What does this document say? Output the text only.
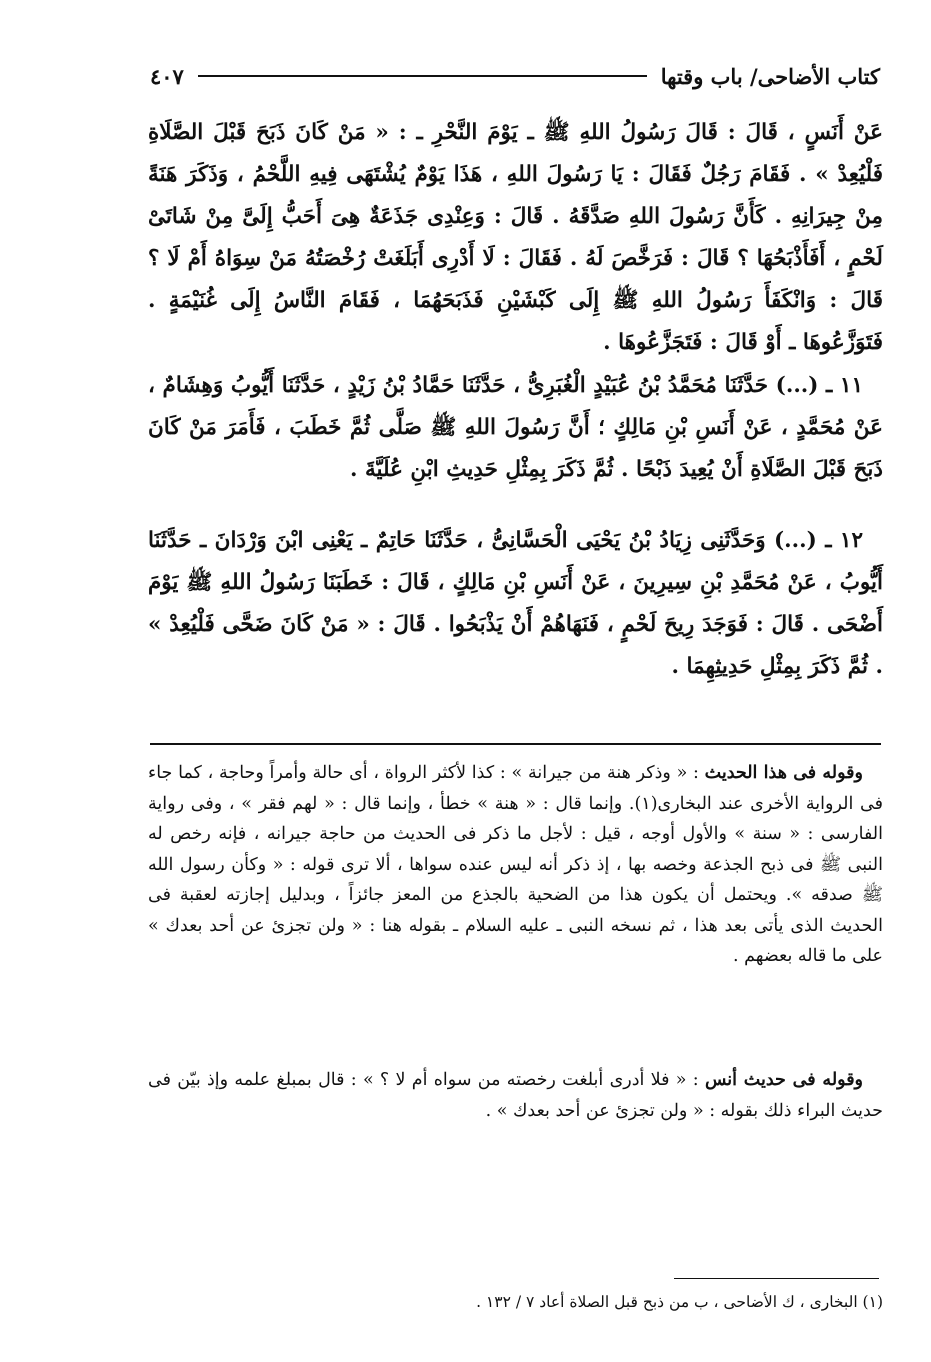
كتاب الأضاحى/ باب وقتها
٤٠٧

عَنْ أَنَسٍ ، قَالَ : قَالَ رَسُولُ اللهِ ﷺ ـ يَوْمَ النَّحْرِ ـ : « مَنْ كَانَ ذَبَحَ قَبْلَ الصَّلَاةِ فَلْيُعِدْ » . فَقَامَ رَجُلٌ فَقَالَ : يَا رَسُولَ اللهِ ، هَذَا يَوْمٌ يُشْتَهَى فِيهِ اللَّحْمُ ، وَذَكَرَ هَنَةً مِنْ جِيرَانِهِ . كَأَنَّ رَسُولَ اللهِ صَدَّقَهُ . قَالَ : وَعِنْدِى جَذَعَةٌ هِىَ أَحَبُّ إِلَىَّ مِنْ شَاتَىْ لَحْمٍ ، أَفَأَذْبَحُهَا ؟ قَالَ : فَرَخَّصَ لَهُ . فَقَالَ : لَا أَدْرِى أَبَلَغَتْ رُخْصَتُهُ مَنْ سِوَاهُ أَمْ لَا ؟ قَالَ : وَانْكَفَأَ رَسُولُ اللهِ ﷺ إِلَى كَبْشَيْنِ فَذَبَحَهُمَا ، فَقَامَ النَّاسُ إِلَى غُنَيْمَةٍ . فَتَوَزَّعُوهَا ـ أَوْ قَالَ : فَتَجَزَّعُوهَا .

١١ ـ (...) حَدَّثَنَا مُحَمَّدُ بْنُ عُبَيْدٍ الْغُبَرِىُّ ، حَدَّثَنَا حَمَّادُ بْنُ زَيْدٍ ، حَدَّثَنَا أَيُّوبُ وَهِشَامٌ ، عَنْ مُحَمَّدٍ ، عَنْ أَنَسِ بْنِ مَالِكٍ ؛ أَنَّ رَسُولَ اللهِ ﷺ صَلَّى ثُمَّ خَطَبَ ، فَأَمَرَ مَنْ كَانَ ذَبَحَ قَبْلَ الصَّلَاةِ أَنْ يُعِيدَ ذَبْحًا . ثُمَّ ذَكَرَ بِمِثْلِ حَدِيثِ ابْنِ عُلَيَّةَ .

١٢ ـ (...) وَحَدَّثَنِى زِيَادُ بْنُ يَحْيَى الْحَسَّانِىُّ ، حَدَّثَنَا حَاتِمٌ ـ يَعْنِى ابْنَ وَرْدَانَ ـ حَدَّثَنَا أَيُّوبُ ، عَنْ مُحَمَّدِ بْنِ سِيرِينَ ، عَنْ أَنَسِ بْنِ مَالِكٍ ، قَالَ : خَطَبَنَا رَسُولُ اللهِ ﷺ يَوْمَ أَضْحَى . قَالَ : فَوَجَدَ رِيحَ لَحْمٍ ، فَنَهَاهُمْ أَنْ يَذْبَحُوا . قَالَ : « مَنْ كَانَ ضَحَّى فَلْيُعِدْ » . ثُمَّ ذَكَرَ بِمِثْلِ حَدِيثِهِمَا .

وقوله فى هذا الحديث : « وذكر هنة من جيرانة » : كذا لأكثر الرواة ، أى حالة وأمراً وحاجة ، كما جاء فى الرواية الأخرى عند البخارى(١). وإنما قال : « هنة » خطأ ، وإنما قال : « لهم فقر » ، وفى رواية الفارسى : « سنة » والأول أوجه ، قيل : لأجل ما ذكر فى الحديث من حاجة جيرانه ، فإنه رخص له النبى ﷺ فى ذبح الجذعة وخصه بها ، إذ ذكر أنه ليس عنده سواها ، ألا ترى قوله : « وكأن رسول الله ﷺ صدقه ». ويحتمل أن يكون هذا من الضحية بالجذع من المعز جائزاً ، وبدليل إجازته لعقبة فى الحديث الذى يأتى بعد هذا ، ثم نسخه النبى ـ عليه السلام ـ بقوله هنا : « ولن تجزئ عن أحد بعدك » على ما قاله بعضهم .

وقوله فى حديث أنس : « فلا أدرى أبلغت رخصته من سواه أم لا ؟ » : قال بمبلغ علمه وإذ بيّن فى حديث البراء ذلك بقوله : « ولن تجزئ عن أحد بعدك » .

(١) البخارى ، ك الأضاحى ، ب من ذبح قبل الصلاة أعاد ٧ / ١٣٢ .
